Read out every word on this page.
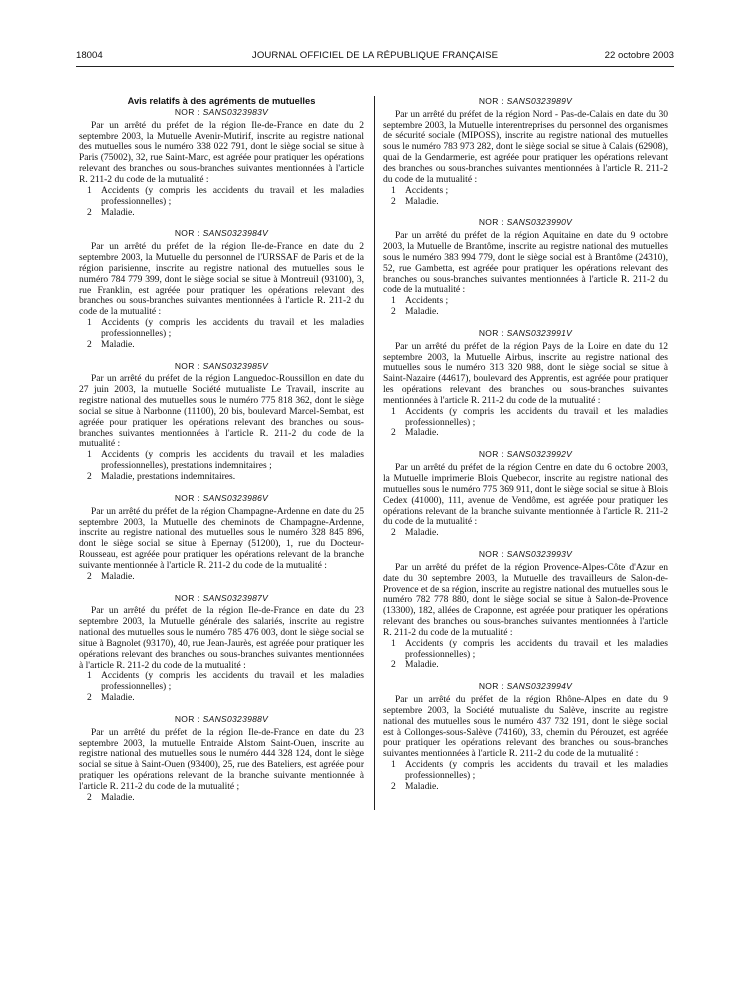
18004	JOURNAL OFFICIEL DE LA RÉPUBLIQUE FRANÇAISE	22 octobre 2003
Avis relatifs à des agréments de mutuelles
NOR : SANS0323983V

Par un arrêté du préfet de la région Ile-de-France en date du 2 septembre 2003, la Mutuelle Avenir-Mutirif, inscrite au registre national des mutuelles sous le numéro 338 022 791, dont le siège social se situe à Paris (75002), 32, rue Saint-Marc, est agréée pour pratiquer les opérations relevant des branches ou sous-branches suivantes mentionnées à l'article R. 211-2 du code de la mutualité :

1 Accidents (y compris les accidents du travail et les maladies professionnelles) ;

2 Maladie.

NOR : SANS0323984V

Par un arrêté du préfet de la région Ile-de-France en date du 2 septembre 2003, la Mutuelle du personnel de l'URSSAF de Paris et de la région parisienne, inscrite au registre national des mutuelles sous le numéro 784 779 399, dont le siège social se situe à Montreuil (93100), 3, rue Franklin, est agréée pour pratiquer les opérations relevant des branches ou sous-branches suivantes mentionnées à l'article R. 211-2 du code de la mutualité :

1 Accidents (y compris les accidents du travail et les maladies professionnelles) ;

2 Maladie.

NOR : SANS0323985V

Par un arrêté du préfet de la région Languedoc-Roussillon en date du 27 juin 2003, la mutuelle Société mutualiste Le Travail, inscrite au registre national des mutuelles sous le numéro 775 818 362, dont le siège social se situe à Narbonne (11100), 20 bis, boulevard Marcel-Sembat, est agréée pour pratiquer les opérations relevant des branches ou sous-branches suivantes mentionnées à l'article R. 211-2 du code de la mutualité :

1 Accidents (y compris les accidents du travail et les maladies professionnelles), prestations indemnitaires ;

2 Maladie, prestations indemnitaires.

NOR : SANS0323986V

Par un arrêté du préfet de la région Champagne-Ardenne en date du 25 septembre 2003, la Mutuelle des cheminots de Champagne-Ardenne, inscrite au registre national des mutuelles sous le numéro 328 845 896, dont le siège social se situe à Epernay (51200), 1, rue du Docteur-Rousseau, est agréée pour pratiquer les opérations relevant de la branche suivante mentionnée à l'article R. 211-2 du code de la mutualité :

2 Maladie.

NOR : SANS0323987V

Par un arrêté du préfet de la région Ile-de-France en date du 23 septembre 2003, la Mutuelle générale des salariés, inscrite au registre national des mutuelles sous le numéro 785 476 003, dont le siège social se situe à Bagnolet (93170), 40, rue Jean-Jaurès, est agréée pour pratiquer les opérations relevant des branches ou sous-branches suivantes mentionnées à l'article R. 211-2 du code de la mutualité :

1 Accidents (y compris les accidents du travail et les maladies professionnelles) ;

2 Maladie.

NOR : SANS0323988V

Par un arrêté du préfet de la région Ile-de-France en date du 23 septembre 2003, la mutuelle Entraide Alstom Saint-Ouen, inscrite au registre national des mutuelles sous le numéro 444 328 124, dont le siège social se situe à Saint-Ouen (93400), 25, rue des Bateliers, est agréée pour pratiquer les opérations relevant de la branche suivante mentionnée à l'article R. 211-2 du code de la mutualité ;

2 Maladie.

NOR : SANS0323989V

Par un arrêté du préfet de la région Nord - Pas-de-Calais en date du 30 septembre 2003, la Mutuelle interentreprises du personnel des organismes de sécurité sociale (MIPOSS), inscrite au registre national des mutuelles sous le numéro 783 973 282, dont le siège social se situe à Calais (62908), quai de la Gendarmerie, est agréée pour pratiquer les opérations relevant des branches ou sous-branches suivantes mentionnées à l'article R. 211-2 du code de la mutualité :

1 Accidents ;

2 Maladie.

NOR : SANS0323990V

Par un arrêté du préfet de la région Aquitaine en date du 9 octobre 2003, la Mutuelle de Brantôme, inscrite au registre national des mutuelles sous le numéro 383 994 779, dont le siège social est à Brantôme (24310), 52, rue Gambetta, est agréée pour pratiquer les opérations relevant des branches ou sous-branches suivantes mentionnées à l'article R. 211-2 du code de la mutualité :

1 Accidents ;

2 Maladie.

NOR : SANS0323991V

Par un arrêté du préfet de la région Pays de la Loire en date du 12 septembre 2003, la Mutuelle Airbus, inscrite au registre national des mutuelles sous le numéro 313 320 988, dont le siège social se situe à Saint-Nazaire (44617), boulevard des Apprentis, est agréée pour pratiquer les opérations relevant des branches ou sous-branches suivantes mentionnées à l'article R. 211-2 du code de la mutualité :

1 Accidents (y compris les accidents du travail et les maladies professionnelles) ;

2 Maladie.

NOR : SANS0323992V

Par un arrêté du préfet de la région Centre en date du 6 octobre 2003, la Mutuelle imprimerie Blois Quebecor, inscrite au registre national des mutuelles sous le numéro 775 369 911, dont le siège social se situe à Blois Cedex (41000), 111, avenue de Vendôme, est agréée pour pratiquer les opérations relevant de la branche suivante mentionnée à l'article R. 211-2 du code de la mutualité :

2 Maladie.

NOR : SANS0323993V

Par un arrêté du préfet de la région Provence-Alpes-Côte d'Azur en date du 30 septembre 2003, la Mutuelle des travailleurs de Salon-de-Provence et de sa région, inscrite au registre national des mutuelles sous le numéro 782 778 880, dont le siège social se situe à Salon-de-Provence (13300), 182, allées de Craponne, est agréée pour pratiquer les opérations relevant des branches ou sous-branches suivantes mentionnées à l'article R. 211-2 du code de la mutualité :

1 Accidents (y compris les accidents du travail et les maladies professionnelles) ;

2 Maladie.

NOR : SANS0323994V

Par un arrêté du préfet de la région Rhône-Alpes en date du 9 septembre 2003, la Société mutualiste du Salève, inscrite au registre national des mutuelles sous le numéro 437 732 191, dont le siège social est à Collonges-sous-Salève (74160), 33, chemin du Pérouzet, est agréée pour pratiquer les opérations relevant des branches ou sous-branches suivantes mentionnées à l'article R. 211-2 du code de la mutualité :

1 Accidents (y compris les accidents du travail et les maladies professionnelles) ;

2 Maladie.
